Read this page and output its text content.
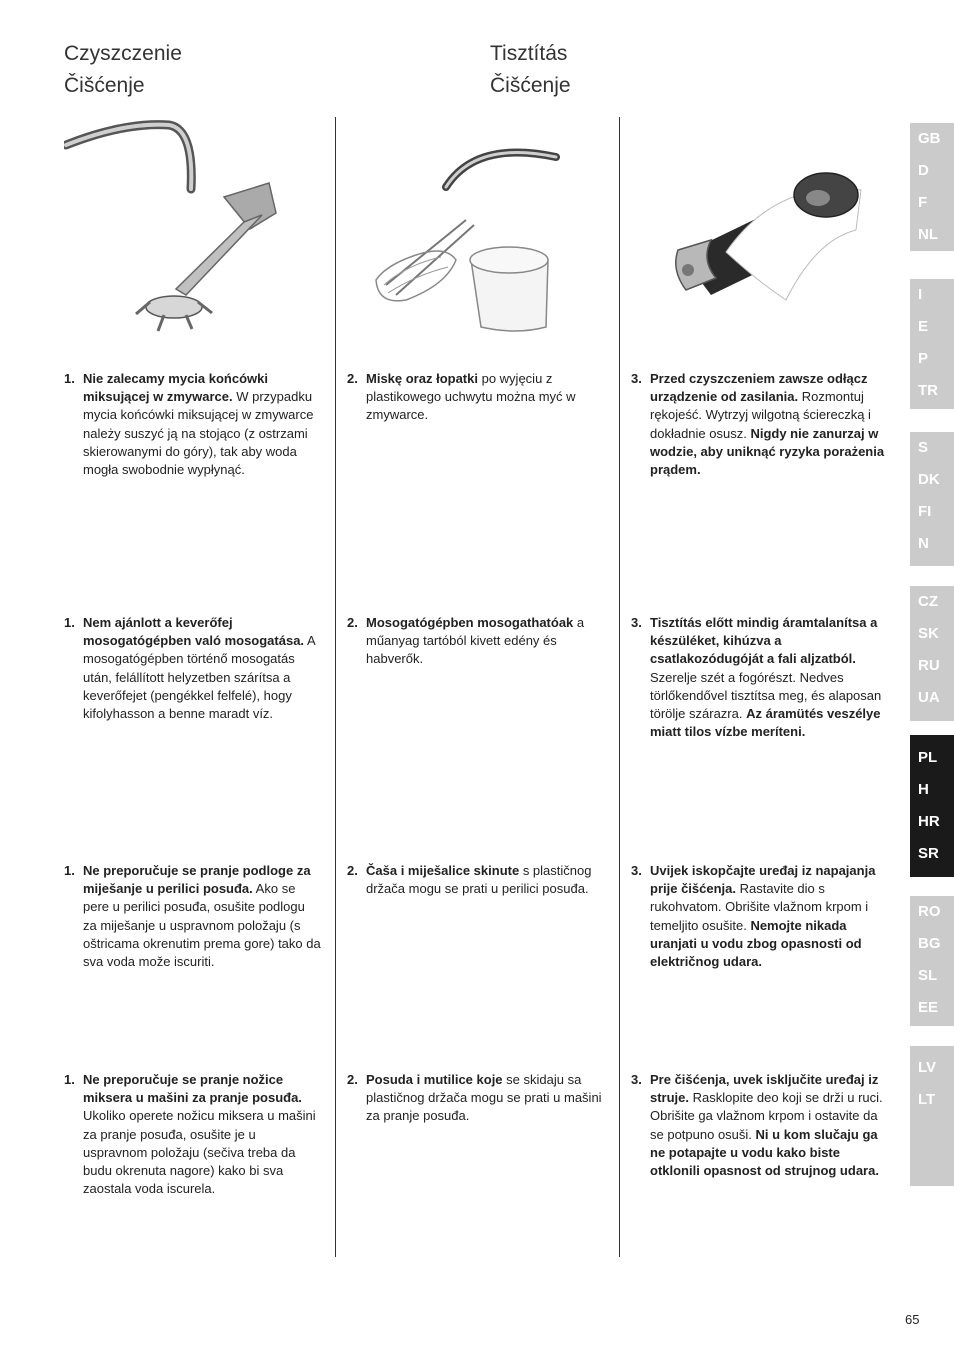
Czyszczenie
Čišćenje
Tisztítás
Čišćenje
1. Nie zalecamy mycia końcówki miksującej w zmywarce. W przypadku mycia końcówki miksującej w zmywarce należy suszyć ją na stojąco (z ostrzami skierowanymi do góry), tak aby woda mogła swobodnie wypłynąć.
2. Miskę oraz łopatki po wyjęciu z plastikowego uchwytu można myć w zmywarce.
3. Przed czyszczeniem zawsze odłącz urządzenie od zasilania. Rozmontuj rękojeść. Wytrzyj wilgotną ściereczką i dokładnie osusz. Nigdy nie zanurzaj w wodzie, aby uniknąć ryzyka porażenia prądem.
1. Nem ajánlott a keverőfej mosogatógépben való mosogatása. A mosogatógépben történő mosogatás után, felállított helyzetben szárítsa a keverőfejet (pengékkel felfelé), hogy kifolyhasson a benne maradt víz.
2. Mosogatógépben mosogathatóak a műanyag tartóból kivett edény és habverők.
3. Tisztítás előtt mindig áramtalanítsa a készüléket, kihúzva a csatlakozódugóját a fali aljzatból. Szerelje szét a fogórészt. Nedves törlőkendővel tisztítsa meg, és alaposan törölje szárazra. Az áramütés veszélye miatt tilos vízbe meríteni.
1. Ne preporučuje se pranje podloge za miješanje u perilici posuđa. Ako se pere u perilici posuđa, osušite podlogu za miješanje u uspravnom položaju (s oštricama okrenutim prema gore) tako da sva voda može iscuriti.
2. Čaša i miješalice skinute s plastičnog držača mogu se prati u perilici posuđa.
3. Uvijek iskopčajte uređaj iz napajanja prije čišćenja. Rastavite dio s rukohvatom. Obrišite vlažnom krpom i temeljito osušite. Nemojte nikada uranjati u vodu zbog opasnosti od električnog udara.
1. Ne preporučuje se pranje nožice miksera u mašini za pranje posuđa. Ukoliko operete nožicu miksera u mašini za pranje posuđa, osušite je u uspravnom položaju (sečiva treba da budu okrenuta nagore) kako bi sva zaostala voda iscurela.
2. Posuda i mutilice koje se skidaju sa plastičnog držača mogu se prati u mašini za pranje posuđa.
3. Pre čišćenja, uvek isključite uređaj iz struje. Rasklopite deo koji se drži u ruci. Obrišite ga vlažnom krpom i ostavite da se potpuno osuši. Ni u kom slučaju ga ne potapajte u vodu kako biste otklonili opasnost od strujnog udara.
GB
D
F
NL
I
E
P
TR
S
DK
FI
N
CZ
SK
RU
UA
PL
H
HR
SR
RO
BG
SL
EE
LV
LT
65
